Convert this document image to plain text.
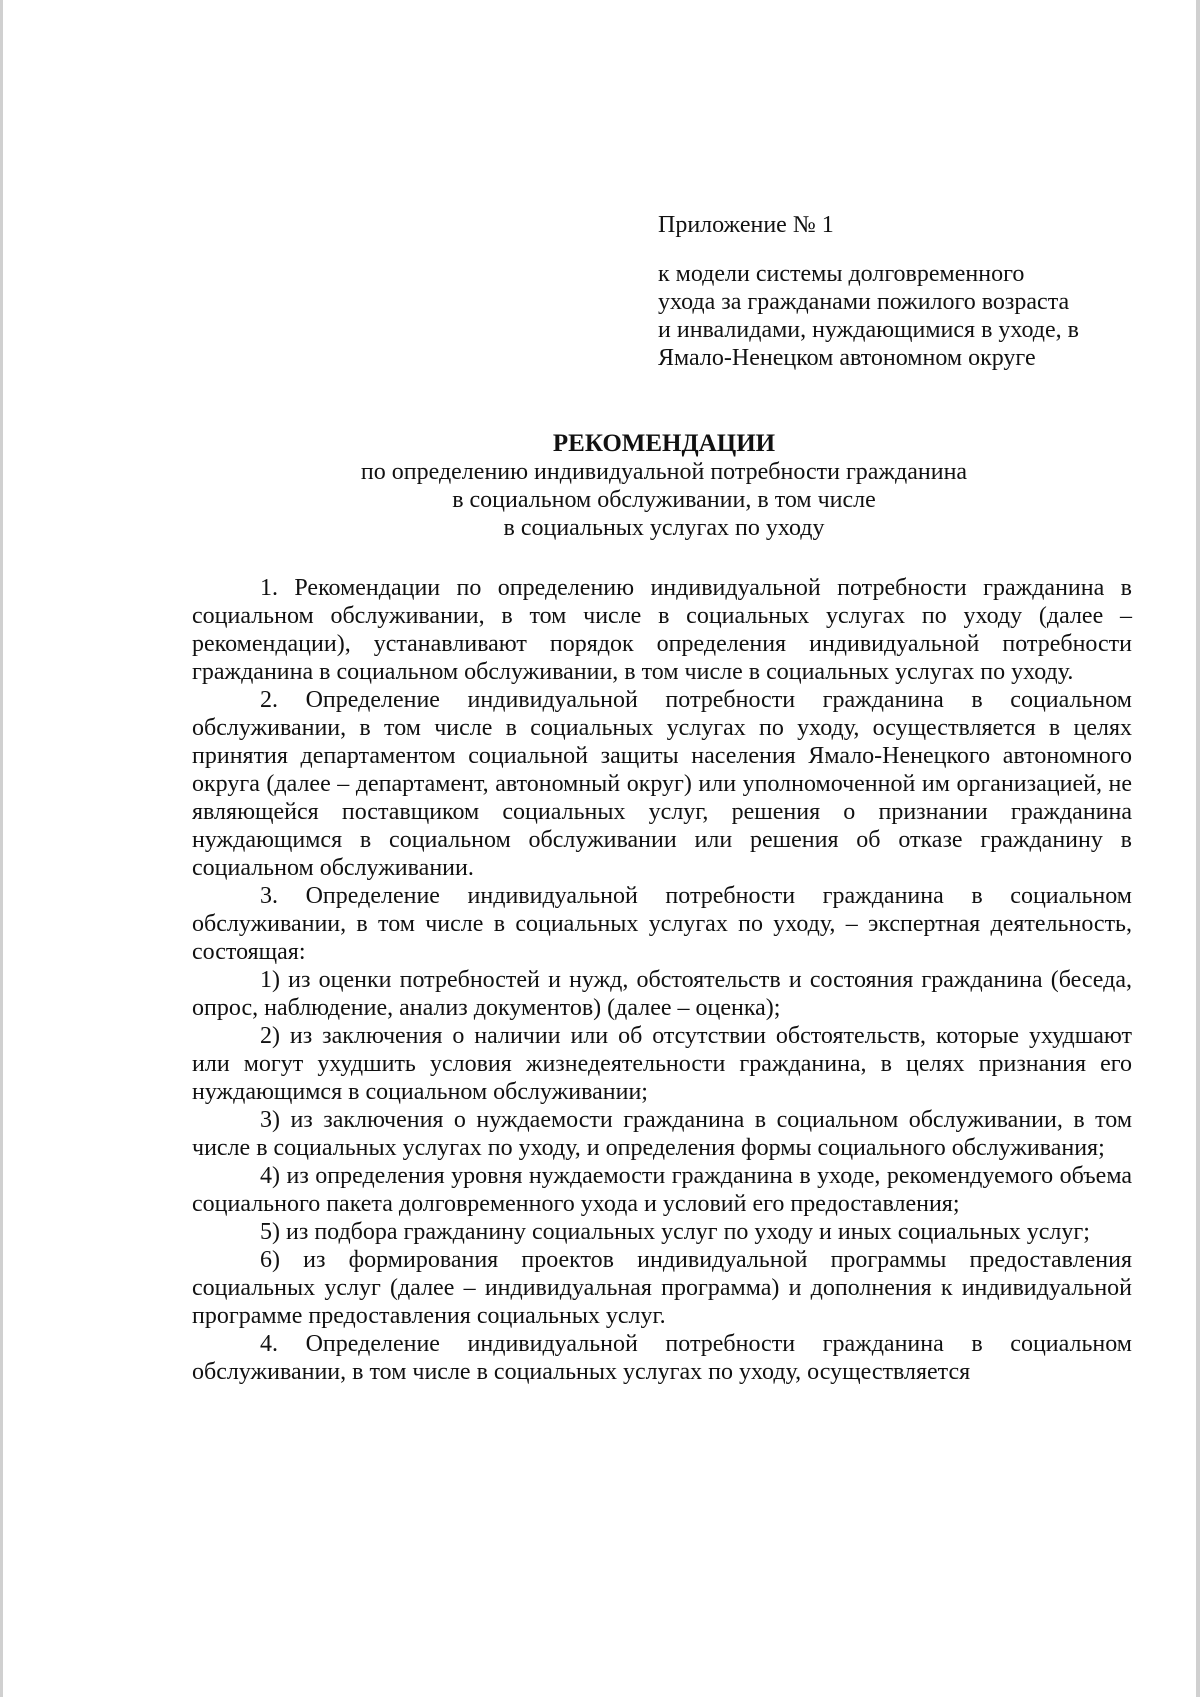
Приложение № 1
к модели системы долговременного
ухода за гражданами пожилого возраста
и инвалидами, нуждающимися в уходе, в
Ямало-Ненецком автономном округе
РЕКОМЕНДАЦИИ
по определению индивидуальной потребности гражданина
в социальном обслуживании, в том числе
в социальных услугах по уходу

1. Рекомендации по определению индивидуальной потребности гражданина в социальном обслуживании, в том числе в социальных услугах по уходу (далее – рекомендации), устанавливают порядок определения индивидуальной потребности гражданина в социальном обслуживании, в том числе в социальных услугах по уходу.

2. Определение индивидуальной потребности гражданина в социальном обслуживании, в том числе в социальных услугах по уходу, осуществляется в целях принятия департаментом социальной защиты населения Ямало-Ненецкого автономного округа (далее – департамент, автономный округ) или уполномоченной им организацией, не являющейся поставщиком социальных услуг, решения о признании гражданина нуждающимся в социальном обслуживании или решения об отказе гражданину в социальном обслуживании.

3. Определение индивидуальной потребности гражданина в социальном обслуживании, в том числе в социальных услугах по уходу, – экспертная деятельность, состоящая:

1) из оценки потребностей и нужд, обстоятельств и состояния гражданина (беседа, опрос, наблюдение, анализ документов) (далее – оценка);

2) из заключения о наличии или об отсутствии обстоятельств, которые ухудшают или могут ухудшить условия жизнедеятельности гражданина, в целях признания его нуждающимся в социальном обслуживании;

3) из заключения о нуждаемости гражданина в социальном обслуживании, в том числе в социальных услугах по уходу, и определения формы социального обслуживания;

4) из определения уровня нуждаемости гражданина в уходе, рекомендуемого объема социального пакета долговременного ухода и условий его предоставления;

5) из подбора гражданину социальных услуг по уходу и иных социальных услуг;

6) из формирования проектов индивидуальной программы предоставления социальных услуг (далее – индивидуальная программа) и дополнения к индивидуальной программе предоставления социальных услуг.

4. Определение индивидуальной потребности гражданина в социальном обслуживании, в том числе в социальных услугах по уходу, осуществляется
